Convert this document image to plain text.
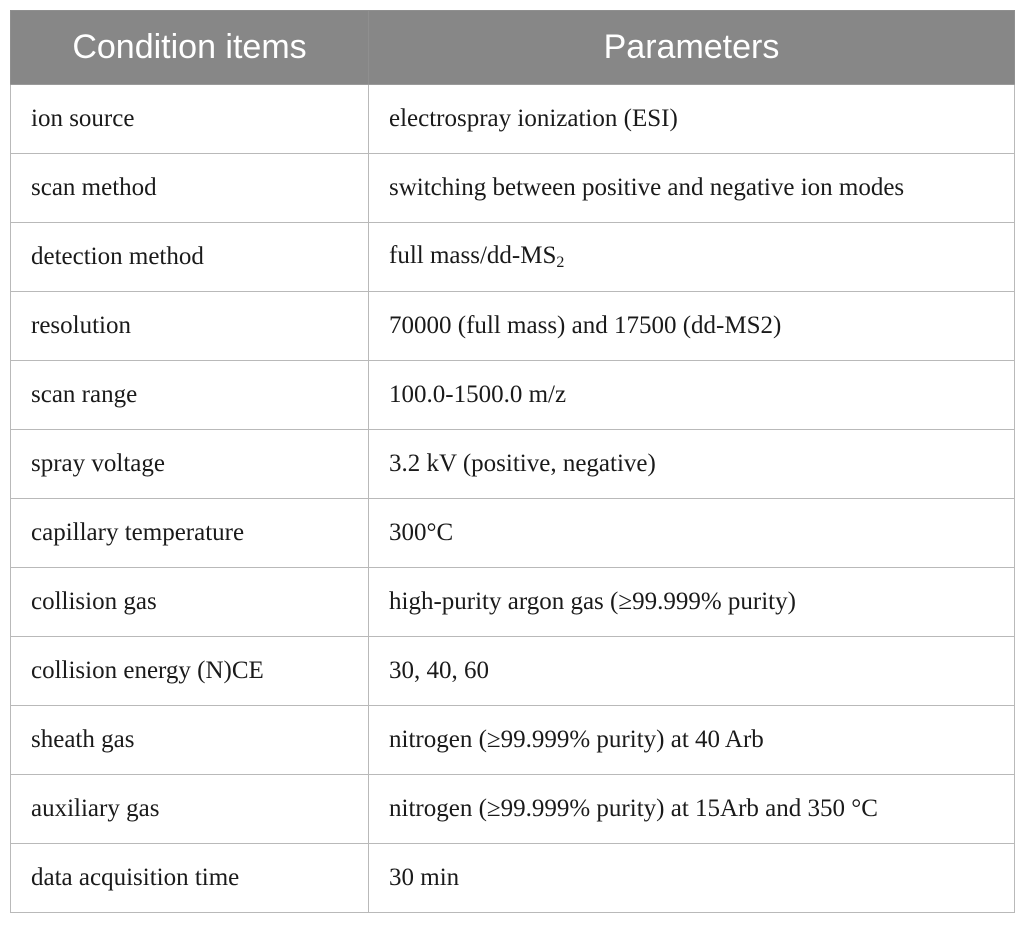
Condition items	Parameters
ion source	electrospray ionization (ESI)
scan method	switching between positive and negative ion modes
detection method	full mass/$dd-MS_2$
resolution	70000 (full mass) and 17500 (dd-MS2)
scan range	100.0-1500.0 m/z
spray voltage	3.2 kV (positive, negative)
capillary temperature	300°C
collision gas	high-purity argon gas (≥99.999% purity)
collision energy (N)CE	30, 40, 60
sheath gas	nitrogen (≥99.999% purity) at 40 Arb
auxiliary gas	nitrogen (≥99.999% purity) at 15Arb and 350 °C
data acquisition time	30 min
